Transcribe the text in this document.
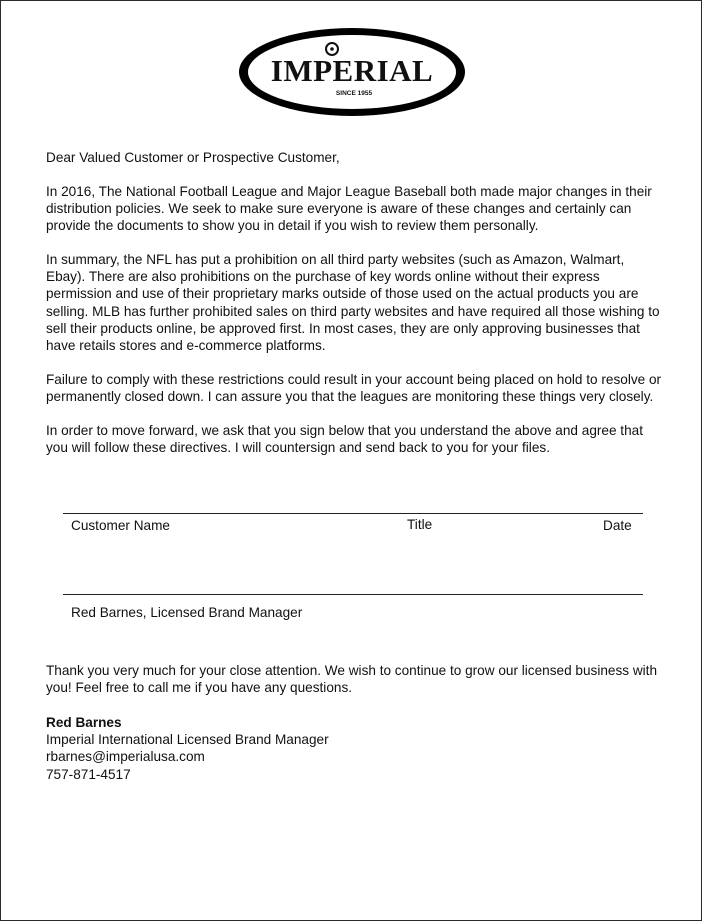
IMPERIAL
SINCE 1955

Dear Valued Customer or Prospective Customer,

In 2016, The National Football League and Major League Baseball both made major changes in their distribution policies. We seek to make sure everyone is aware of these changes and certainly can provide the documents to show you in detail if you wish to review them personally.

In summary, the NFL has put a prohibition on all third party websites (such as Amazon, Walmart, Ebay). There are also prohibitions on the purchase of key words online without their express permission and use of their proprietary marks outside of those used on the actual products you are selling. MLB has further prohibited sales on third party websites and have required all those wishing to sell their products online, be approved first. In most cases, they are only approving businesses that have retails stores and e-commerce platforms.

Failure to comply with these restrictions could result in your account being placed on hold to resolve or permanently closed down. I can assure you that the leagues are monitoring these things very closely.

In order to move forward, we ask that you sign below that you understand the above and agree that you will follow these directives. I will countersign and send back to you for your files.

Customer Name	Title	Date
Red Barnes, Licensed Brand Manager

Thank you very much for your close attention. We wish to continue to grow our licensed business with you! Feel free to call me if you have any questions.

Red Barnes
Imperial International Licensed Brand Manager
rbarnes@imperialusa.com
757-871-4517
